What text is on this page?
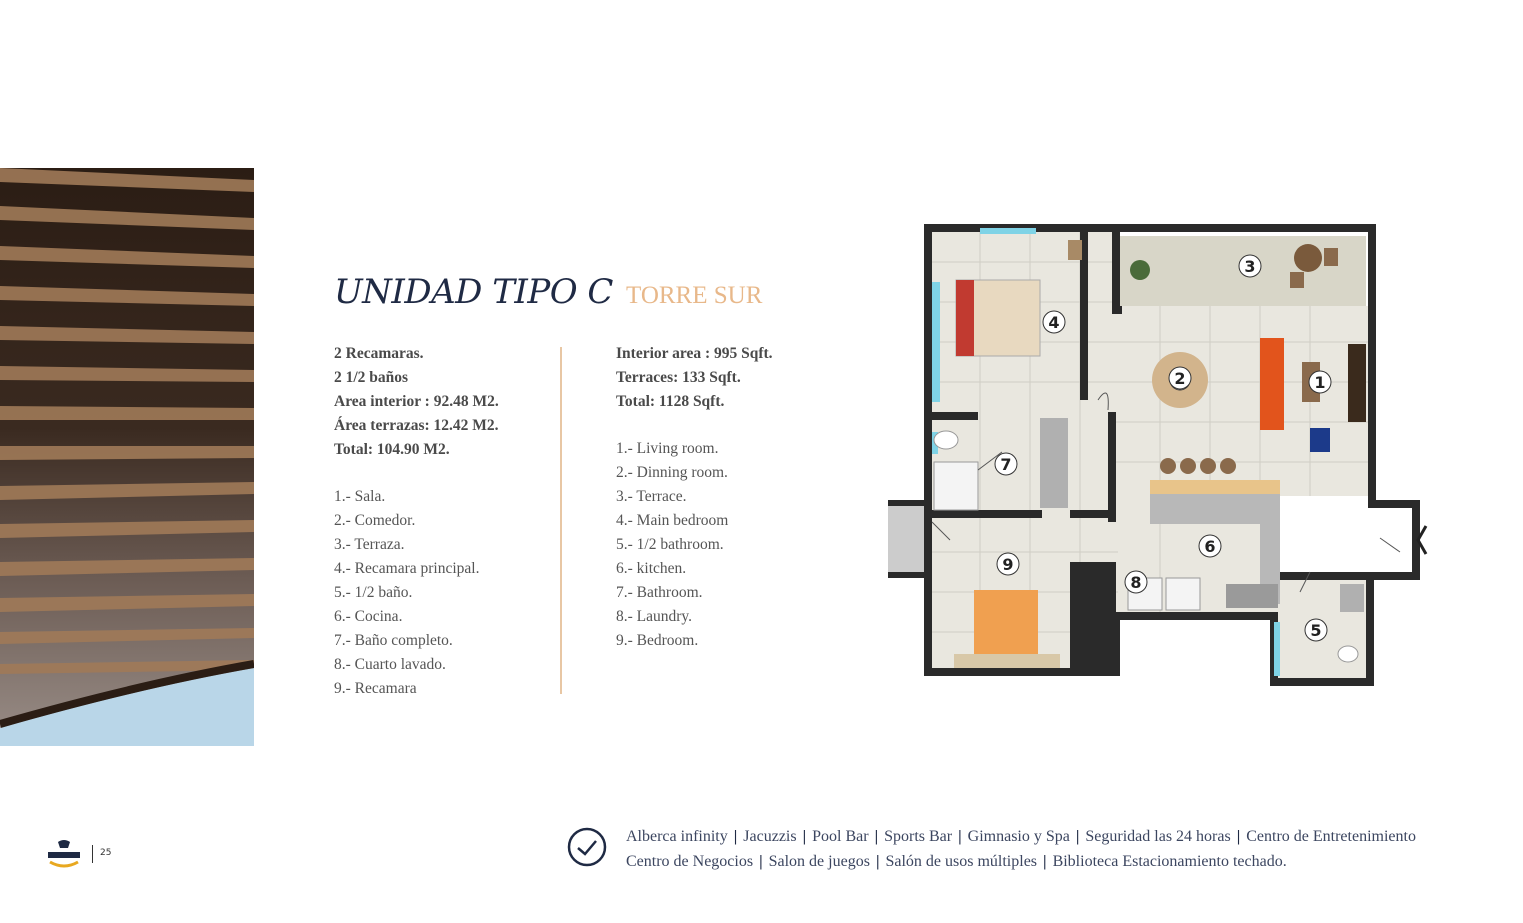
UNIDAD TIPO C TORRE SUR
2 Recamaras.
2 1/2 baños
Area interior : 92.48 M2.
Área terrazas: 12.42 M2.
Total: 104.90 M2.
1.- Sala.
2.- Comedor.
3.- Terraza.
4.- Recamara principal.
5.- 1/2 baño.
6.- Cocina.
7.- Baño completo.
8.- Cuarto lavado.
9.- Recamara
Interior area : 995 Sqft.
Terraces: 133 Sqft.
Total: 1128 Sqft.
1.- Living room.
2.- Dinning room.
3.- Terrace.
4.- Main bedroom
5.- 1/2 bathroom.
6.- kitchen.
7.- Bathroom.
8.- Laundry.
9.- Bedroom.
1
2
3
4
5
6
7
8
9
25
Alberca infinity | Jacuzzis | Pool Bar | Sports Bar | Gimnasio y Spa | Seguridad las 24 horas | Centro de Entretenimiento
Centro de Negocios | Salon de juegos | Salón de usos múltiples | Biblioteca Estacionamiento techado.
